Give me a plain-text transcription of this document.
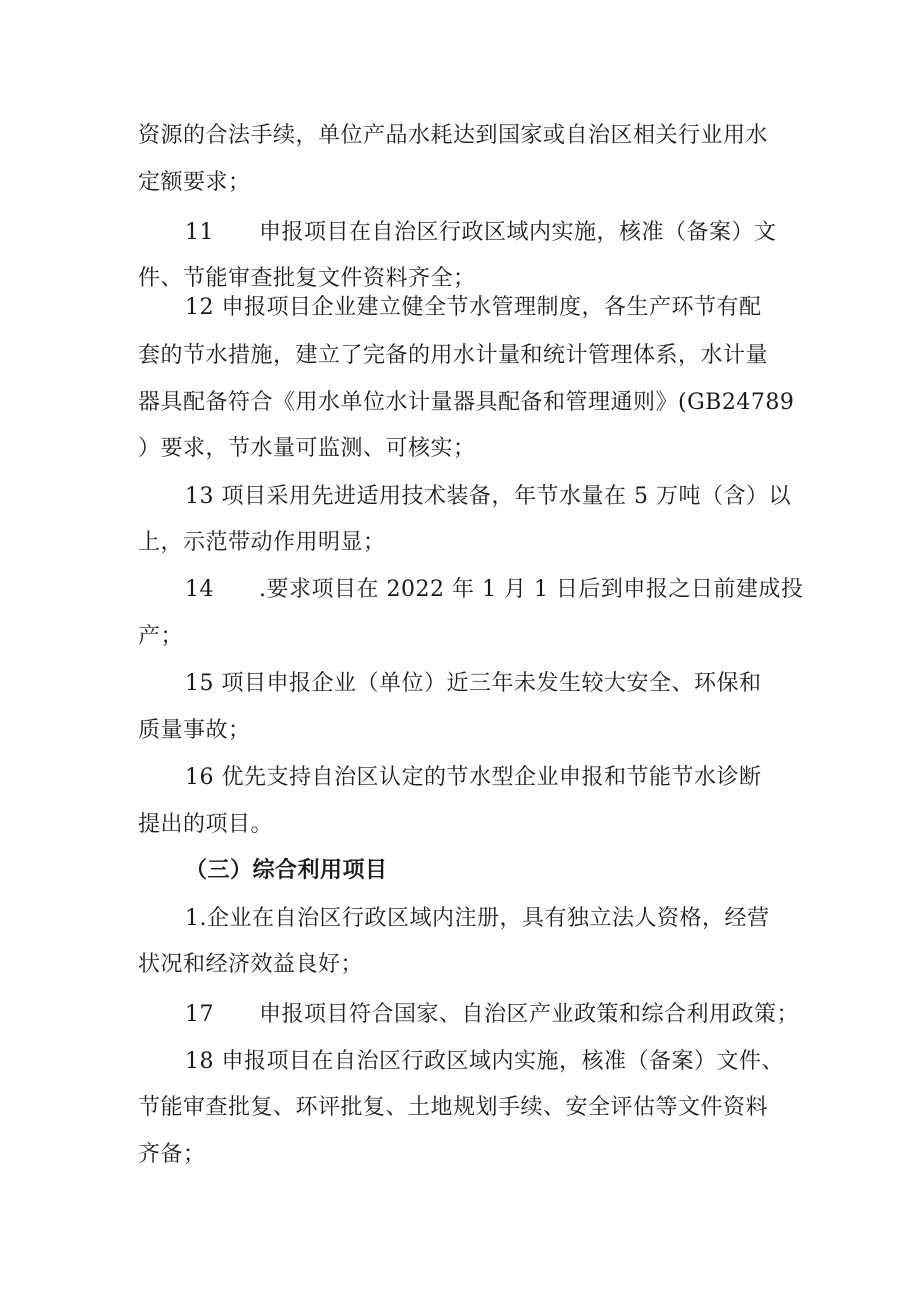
资源的合法手续，单位产品水耗达到国家或自治区相关行业用水
定额要求；
11　　申报项目在自治区行政区域内实施，核准（备案）文
件、节能审查批复文件资料齐全；
12 申报项目企业建立健全节水管理制度，各生产环节有配
套的节水措施，建立了完备的用水计量和统计管理体系，水计量
器具配备符合《用水单位水计量器具配备和管理通则》(GB24789
）要求，节水量可监测、可核实；
13 项目采用先进适用技术装备，年节水量在 5 万吨（含）以
上，示范带动作用明显；
14　　.要求项目在 2022 年 1 月 1 日后到申报之日前建成投
产；
15 项目申报企业（单位）近三年未发生较大安全、环保和
质量事故；
16 优先支持自治区认定的节水型企业申报和节能节水诊断
提出的项目。
（三）综合利用项目
1.企业在自治区行政区域内注册，具有独立法人资格，经营
状况和经济效益良好；
17　　申报项目符合国家、自治区产业政策和综合利用政策；
18 申报项目在自治区行政区域内实施，核准（备案）文件、
节能审查批复、环评批复、土地规划手续、安全评估等文件资料
齐备；
